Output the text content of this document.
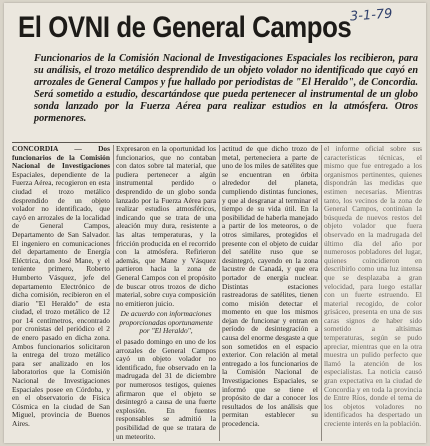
3-1-79
El OVNI de General Campos
Funcionarios de la Comisión Nacional de Investigaciones Espaciales los recibieron, para su análisis, el trozo metálico desprendido de un objeto volador no identificado que cayó en arrozales de General Campos y fue hallado por periodistas de "El Heraldo", de Concordia. Será sometido a estudio, descartándose que pueda pertenecer al instrumental de un globo sonda lanzado por la Fuerza Aérea para realizar estudios en la atmósfera. Otros pormenores.

CONCORDIA — Dos funcionarios de la Comisión Nacional de Investigaciones Espaciales, dependiente de la Fuerza Aérea, recogieron en esta ciudad el trozo metálico desprendido de un objeto volador no identificado, que cayó en arrozales de la localidad de General Campos, Departamento de San Salvador. El ingeniero en comunicaciones del departamento de Energía Eléctrica, don José Mane, y el teniente primero, Roberto Humberto Vásquez, jefe del departamento Electrónico de dicha comisión, recibieron en el diario "El Heraldo" de esta ciudad, el trozo metálico de 12 por 14 centímetros, encontrado por cronistas del periódico el 2 de enero pasado en dicha zona. Ambos funcionarios solicitaron la entrega del trozo metálico para ser analizado en los laboratorios que la Comisión Nacional de Investigaciones Espaciales posee en Córdoba, y en el observatorio de Física Cósmica en la ciudad de San Miguel, provincia de Buenos Aires.

Expresaron en la oportunidad los funcionarios, que no contaban con datos sobre tal material, que pudiera pertenecer a algún instrumental perdido o desprendido de un globo sonda lanzado por la Fuerza Aérea para realizar estudios atmosféricos, indicando que se trata de una aleación muy dura, resistente a las altas temperaturas, y la fricción producida en el recorrido con la atmósfera. Refirieron además, que Mane y Vásquez partieron hacia la zona de General Campos con el propósito de buscar otros trozos de dicho material, sobre cuya composición no emitieron juicio.

De acuerdo con informaciones proporcionadas oportunamente por "El Heraldo",

el pasado domingo en uno de los arrozales de General Campos cayó un objeto volador no identificado, fue observado en la madrugada del 31 de diciembre por numerosos testigos, quienes afirmaron que el objeto se desintegró a causa de una fuerte explosión. En fuentes responsables se admitió la posibilidad de que se tratara de un meteorito.

actitud de que dicho trozo de metal, perteneciera a parte de uno de los miles de satélites que se encuentran en órbita alrededor del planeta, cumpliendo distintas funciones, y que al desgranar al terminar el tiempo de su vida útil. En la posibilidad de haberla manejado a partir de los meteoros, o de otros similares, protegidos el presente con el objeto de cuidar del satélite ruso que se desintegró, cayendo en la zona lacustre de Canadá, y que era portador de energía nuclear. Distintas estaciones rastreadoras de satélites, tienen como misión detectar el momento en que los mismos dejan de funcionar y entran en período de desintegración a causa del enorme desgaste a que son sometidos en el espacio exterior. Con relación al metal entregado a los funcionarios de la Comisión Nacional de Investigaciones Espaciales, se informó que se tiene el propósito de dar a conocer los resultados de los análisis que permitan establecer su procedencia.

el informe oficial sobre sus características técnicas, el mismo que fue entregado a los organismos pertinentes, quienes dispondrán las medidas que estimen necesarias. Mientras tanto, los vecinos de la zona de General Campos, continúan la búsqueda de nuevos restos del objeto volador que fuera observado en la madrugada del último día del año por numerosos pobladores del lugar, quienes coincidieron en describirlo como una luz intensa que se desplazaba a gran velocidad, para luego estallar con un fuerte estruendo. El material recogido, de color grisáceo, presenta en una de sus caras signos de haber sido sometido a altísimas temperaturas, según se pudo apreciar, mientras que en la otra muestra un pulido perfecto que llamó la atención de los especialistas. La noticia causó gran expectativa en la ciudad de Concordia y en toda la provincia de Entre Ríos, donde el tema de los objetos voladores no identificados ha despertado un creciente interés en la población.
